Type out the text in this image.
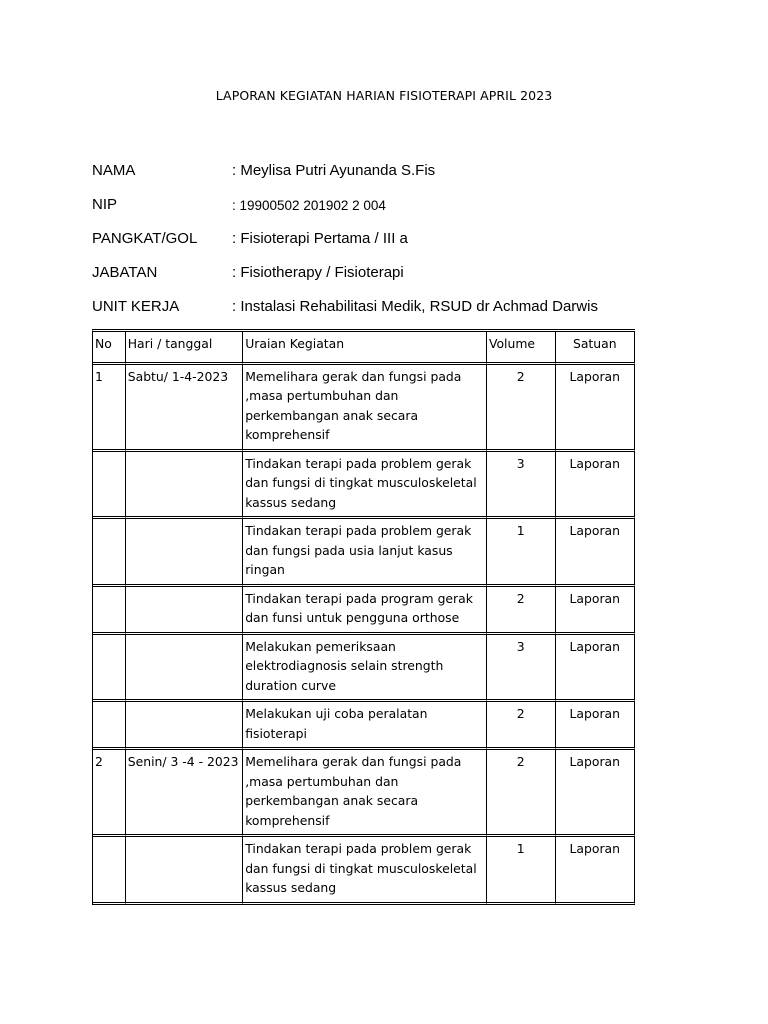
LAPORAN KEGIATAN HARIAN FISIOTERAPI APRIL 2023
NAMA	: Meylisa Putri Ayunanda S.Fis
NIP	: 19900502 201902 2 004
PANGKAT/GOL : Fisioterapi Pertama / III a
JABATAN	: Fisiotherapy / Fisioterapi
UNIT KERJA	: Instalasi Rehabilitasi Medik, RSUD dr Achmad Darwis
No	Hari / tanggal	Uraian Kegiatan	Volume	Satuan
1	Sabtu/ 1-4-2023	Memelihara gerak dan fungsi pada ,masa pertumbuhan dan perkembangan anak secara komprehensif	2	Laporan
		Tindakan terapi pada problem gerak dan fungsi di tingkat musculoskeletal kassus sedang	3	Laporan
		Tindakan terapi pada problem gerak dan fungsi pada usia lanjut kasus ringan	1	Laporan
		Tindakan terapi pada program gerak dan funsi untuk pengguna orthose	2	Laporan
		Melakukan pemeriksaan elektrodiagnosis selain strength duration curve	3	Laporan
		Melakukan uji coba peralatan fisioterapi	2	Laporan
2	Senin/ 3 -4 - 2023	Memelihara gerak dan fungsi pada ,masa pertumbuhan dan perkembangan anak secara komprehensif	2	Laporan
		Tindakan terapi pada problem gerak dan fungsi di tingkat musculoskeletal kassus sedang	1	Laporan
